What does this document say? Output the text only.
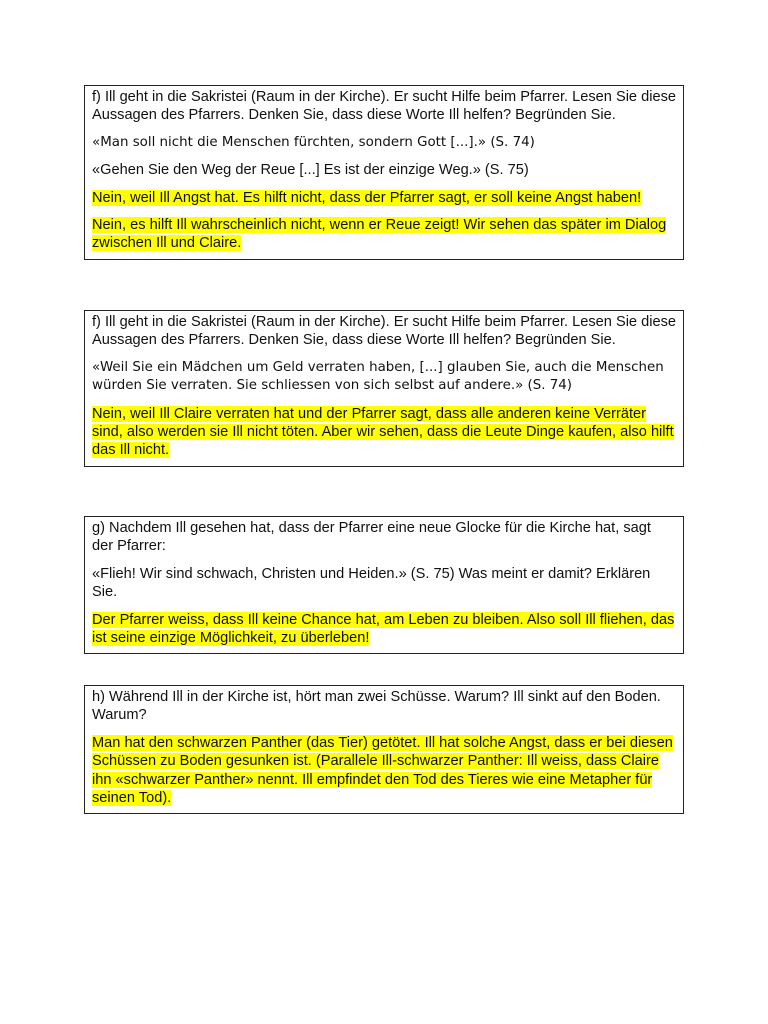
f) Ill geht in die Sakristei (Raum in der Kirche). Er sucht Hilfe beim Pfarrer. Lesen Sie diese Aussagen des Pfarrers. Denken Sie, dass diese Worte Ill helfen? Begründen Sie.

«Man soll nicht die Menschen fürchten, sondern Gott [...].» (S. 74)

«Gehen Sie den Weg der Reue [...] Es ist der einzige Weg.» (S. 75)

Nein, weil Ill Angst hat. Es hilft nicht, dass der Pfarrer sagt, er soll keine Angst haben!

Nein, es hilft Ill wahrscheinlich nicht, wenn er Reue zeigt! Wir sehen das später im Dialog zwischen Ill und Claire.

f) Ill geht in die Sakristei (Raum in der Kirche). Er sucht Hilfe beim Pfarrer. Lesen Sie diese Aussagen des Pfarrers. Denken Sie, dass diese Worte Ill helfen? Begründen Sie.

«Weil Sie ein Mädchen um Geld verraten haben, [...] glauben Sie, auch die Menschen würden Sie verraten. Sie schliessen von sich selbst auf andere.» (S. 74)

Nein, weil Ill Claire verraten hat und der Pfarrer sagt, dass alle anderen keine Verräter sind, also werden sie Ill nicht töten. Aber wir sehen, dass die Leute Dinge kaufen, also hilft das Ill nicht.

g) Nachdem Ill gesehen hat, dass der Pfarrer eine neue Glocke für die Kirche hat, sagt der Pfarrer:

«Flieh! Wir sind schwach, Christen und Heiden.» (S. 75) Was meint er damit? Erklären Sie.

Der Pfarrer weiss, dass Ill keine Chance hat, am Leben zu bleiben. Also soll Ill fliehen, das ist seine einzige Möglichkeit, zu überleben!

h) Während Ill in der Kirche ist, hört man zwei Schüsse. Warum? Ill sinkt auf den Boden. Warum?

Man hat den schwarzen Panther (das Tier) getötet. Ill hat solche Angst, dass er bei diesen Schüssen zu Boden gesunken ist. (Parallele Ill-schwarzer Panther: Ill weiss, dass Claire ihn «schwarzer Panther» nennt. Ill empfindet den Tod des Tieres wie eine Metapher für seinen Tod).
